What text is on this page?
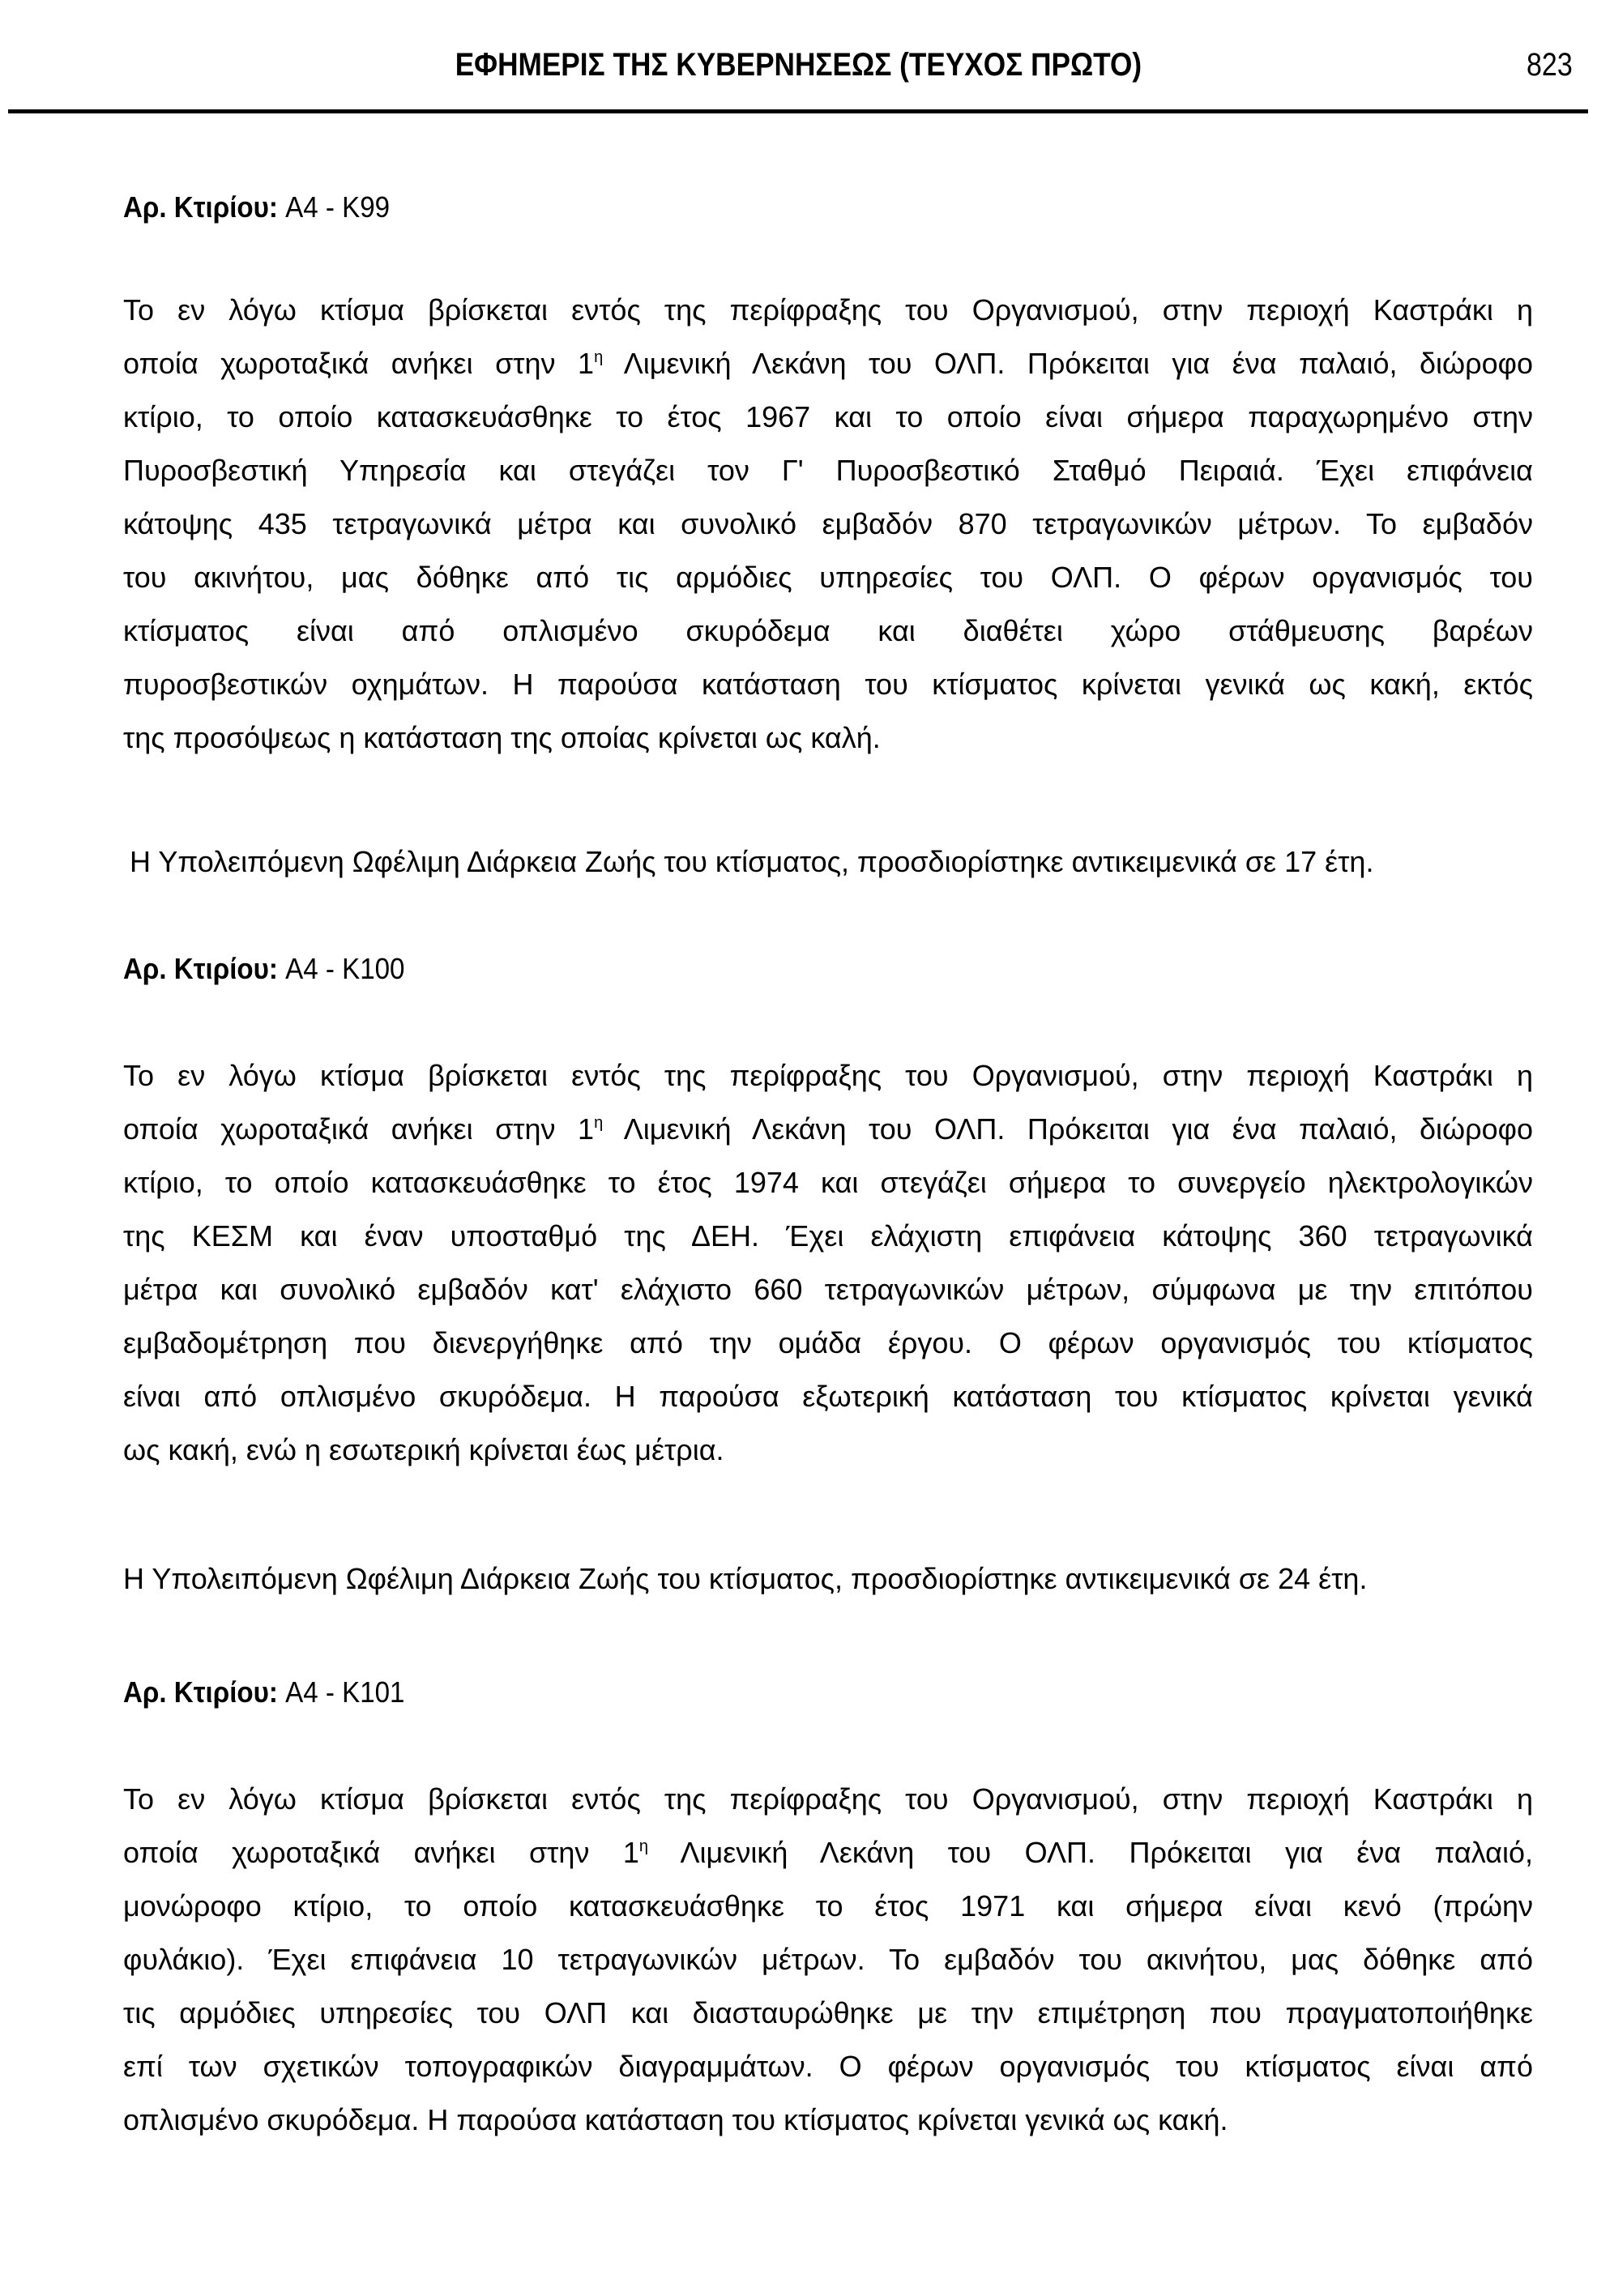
ΕΦΗΜΕΡΙΣ ΤΗΣ ΚΥΒΕΡΝΗΣΕΩΣ (ΤΕΥΧΟΣ ΠΡΩΤΟ)	823
Αρ. Κτιρίου: Α4 - Κ99
Το εν λόγω κτίσμα βρίσκεται εντός της περίφραξης του Οργανισμού, στην περιοχή Καστράκι η
οποία χωροταξικά ανήκει στην $1^\eta$ Λιμενική Λεκάνη του ΟΛΠ. Πρόκειται για ένα παλαιό, διώροφο
κτίριο, το οποίο κατασκευάσθηκε το έτος 1967 και το οποίο είναι σήμερα παραχωρημένο στην
Πυροσβεστική Υπηρεσία και στεγάζει τον Γ' Πυροσβεστικό Σταθμό Πειραιά. Έχει επιφάνεια
κάτοψης 435 τετραγωνικά μέτρα και συνολικό εμβαδόν 870 τετραγωνικών μέτρων. Το εμβαδόν
του ακινήτου, μας δόθηκε από τις αρμόδιες υπηρεσίες του ΟΛΠ. Ο φέρων οργανισμός του
κτίσματος είναι από οπλισμένο σκυρόδεμα και διαθέτει χώρο στάθμευσης βαρέων
πυροσβεστικών οχημάτων. Η παρούσα κατάσταση του κτίσματος κρίνεται γενικά ως κακή, εκτός
της προσόψεως η κατάσταση της οποίας κρίνεται ως καλή.
Η Υπολειπόμενη Ωφέλιμη Διάρκεια Ζωής του κτίσματος, προσδιορίστηκε αντικειμενικά σε 17 έτη.
Αρ. Κτιρίου: Α4 - Κ100
Το εν λόγω κτίσμα βρίσκεται εντός της περίφραξης του Οργανισμού, στην περιοχή Καστράκι η
οποία χωροταξικά ανήκει στην $1^\eta$ Λιμενική Λεκάνη του ΟΛΠ. Πρόκειται για ένα παλαιό, διώροφο
κτίριο, το οποίο κατασκευάσθηκε το έτος 1974 και στεγάζει σήμερα το συνεργείο ηλεκτρολογικών
της ΚΕΣΜ και έναν υποσταθμό της ΔΕΗ. Έχει ελάχιστη επιφάνεια κάτοψης 360 τετραγωνικά
μέτρα και συνολικό εμβαδόν κατ' ελάχιστο 660 τετραγωνικών μέτρων, σύμφωνα με την επιτόπου
εμβαδομέτρηση που διενεργήθηκε από την ομάδα έργου. Ο φέρων οργανισμός του κτίσματος
είναι από οπλισμένο σκυρόδεμα. Η παρούσα εξωτερική κατάσταση του κτίσματος κρίνεται γενικά
ως κακή, ενώ η εσωτερική κρίνεται έως μέτρια.
Η Υπολειπόμενη Ωφέλιμη Διάρκεια Ζωής του κτίσματος, προσδιορίστηκε αντικειμενικά σε 24 έτη.
Αρ. Κτιρίου: Α4 - Κ101
Το εν λόγω κτίσμα βρίσκεται εντός της περίφραξης του Οργανισμού, στην περιοχή Καστράκι η
οποία χωροταξικά ανήκει στην $1^\eta$ Λιμενική Λεκάνη του ΟΛΠ. Πρόκειται για ένα παλαιό,
μονώροφο κτίριο, το οποίο κατασκευάσθηκε το έτος 1971 και σήμερα είναι κενό (πρώην
φυλάκιο). Έχει επιφάνεια 10 τετραγωνικών μέτρων. Το εμβαδόν του ακινήτου, μας δόθηκε από
τις αρμόδιες υπηρεσίες του ΟΛΠ και διασταυρώθηκε με την επιμέτρηση που πραγματοποιήθηκε
επί των σχετικών τοπογραφικών διαγραμμάτων. Ο φέρων οργανισμός του κτίσματος είναι από
οπλισμένο σκυρόδεμα. Η παρούσα κατάσταση του κτίσματος κρίνεται γενικά ως κακή.
